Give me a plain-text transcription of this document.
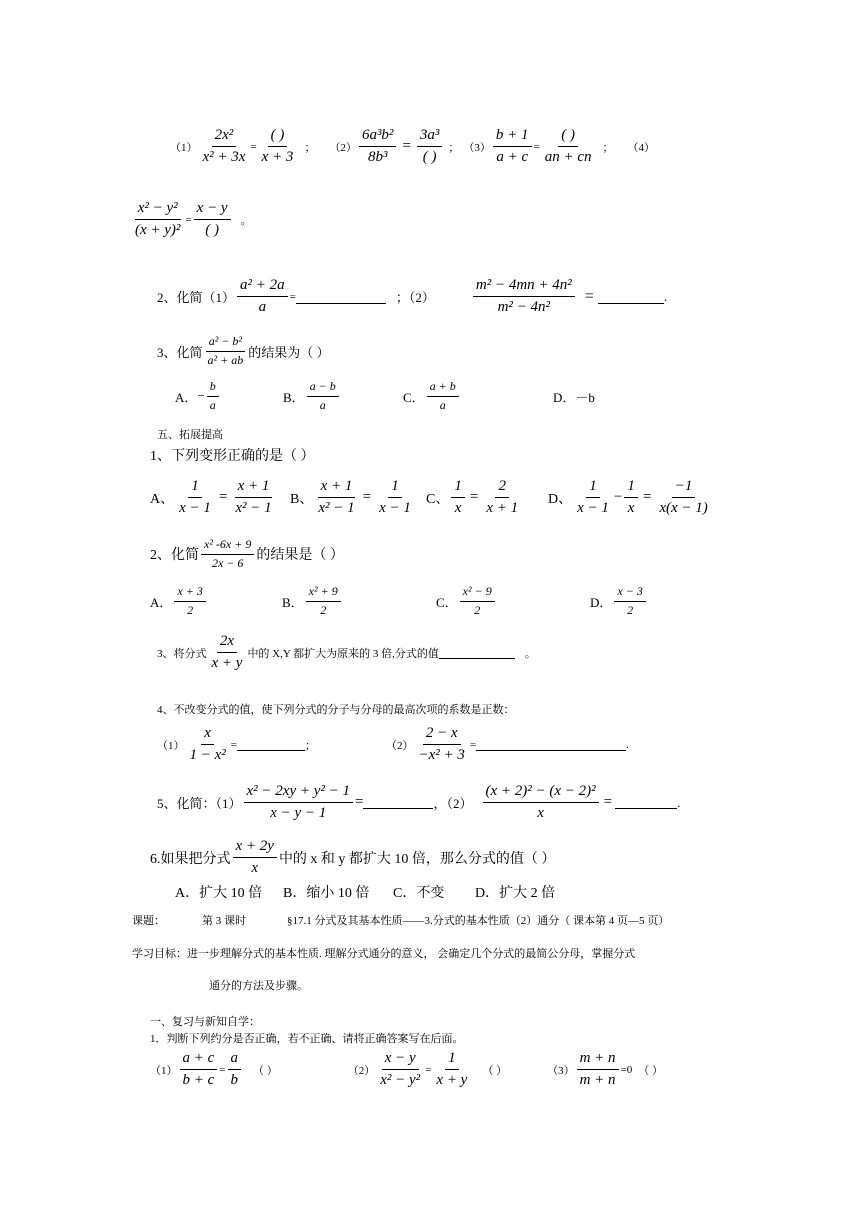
$(1) \frac{\text{2x²}}{\text{x² + 3x}} = \frac{( )}{x + 3}$ ； $(2) \frac{\text{6a³b²}}{\text{8b³}} = \frac{\text{3a³}}{( )}$ ； $(3) \frac{b + 1}{a + c} = \frac{( )}{an + cn}$ ； （4）
$\frac{\text{x² − y²}}{\text{(x + y)²}} = \frac{x - y}{( )}$ 。
2、化简$(1) \frac{\text{a² + 2a}}{a}$ =	；（2）	$\frac{\text{m² − 4mn + 4n²}}{\text{m² − 4n²}}$ =	.
3、化简 $\frac{\text{a² − b²}}{\text{a² + ab}}$ 的结果为（ ）
A． − $\frac{b}{a}$	B． $\frac{a - b}{a}$	C． $\frac{a + b}{a}$	D． －b
五、拓展提高
1、下列变形正确的是（ ）
A、 $\frac{1}{x - 1} = \frac{x + 1}{\text{x² − 1}}$ B、 $\frac{x + 1}{\text{x² − 1}} = \frac{1}{x - 1}$ C、 $\frac{1}{x} = \frac{2}{x + 1}$ D、 $\frac{1}{x - 1} - \frac{1}{x} = \frac{-1}{x(x - 1)}$
2、化简 $\frac{\text{x² -6x + 9}}{2x - 6}$ 的结果是（ ）
A． $\frac{x + 3}{2}$	B． $\frac{\text{x² + 9}}{2}$	C． $\frac{\text{x² − 9}}{2}$	D． $\frac{x - 3}{2}$
3、将分式 $\frac{2x}{x + y}$ 中的 X,Y 都扩大为原来的 3 倍,分式的值	。
4、不改变分式的值，使下列分式的分子与分母的最高次项的系数是正数：
$(1) \frac{x}{\text{1 − x²}}$ =	；	$(2) \frac{2 - x}{\text{−x² + 3}}$ =	.
5、化简：$(1) \frac{\text{x² − 2xy + y² − 1}}{x - y - 1}$ =	，$(2) \frac{\text{(x + 2)² − (x − 2)²}}{x}$ =	.
6.如果把分式 $\frac{x + 2y}{x}$ 中的 x 和 y 都扩大 10 倍，那么分式的值（ ）
A．扩大 10 倍	B．缩小 10 倍	C．不变	D．扩大 2 倍
课题：	第 3 课时	§17.1 分式及其基本性质——3.分式的基本性质（2）通分（ 课本第 4 页—5 页）
学习目标：进一步理解分式的基本性质. 理解分式通分的意义， 会确定几个分式的最简公分母，掌握分式
通分的方法及步骤。
一、复习与新知自学：
1．判断下列约分是否正确，若不正确、请将正确答案写在后面。
$(1) \frac{a + c}{b + c} = \frac{a}{b}$ （ ）	$(2) \frac{x - y}{\text{x² − y²}} = \frac{1}{x + y}$ （ ）	$(3) \frac{m + n}{m + n} =0$ （ ）
